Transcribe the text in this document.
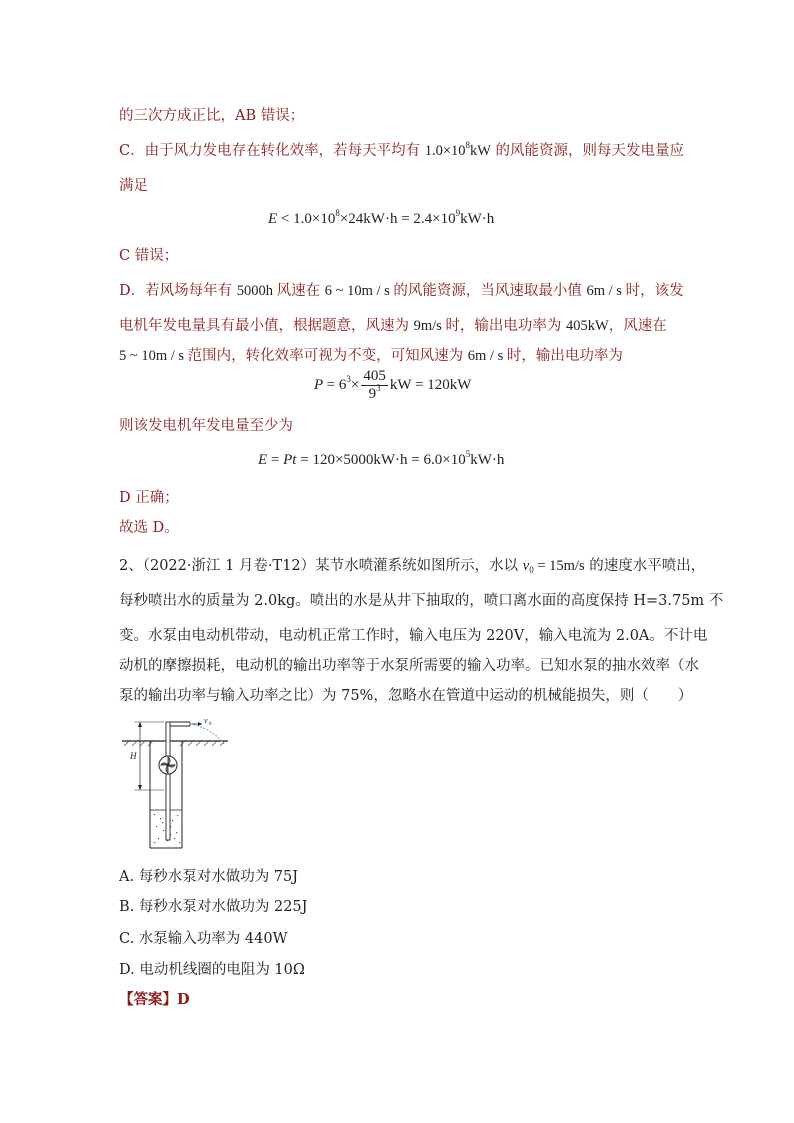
的三次方成正比，AB 错误；
C．由于风力发电存在转化效率，若每天平均有 $1.0\times 10^8kW$ 的风能资源，则每天发电量应
满足
$E < 1.0\times 10^8\times 24kW\cdot h = 2.4\times 10^9kW\cdot h$
C 错误；
D．若风场每年有 5000h 风速在 6 ~ 10m / s 的风能资源，当风速取最小值 6m / s 时，该发
电机年发电量具有最小值，根据题意，风速为 9m/s 时，输出电功率为 405kW，风速在
5 ~ 10m / s 范围内，转化效率可视为不变，可知风速为 6m / s 时，输出电功率为
$P = 6^3\times \frac{405}{9^3}$ kW = 120kW
则该发电机年发电量至少为
$E = Pt = 120\times 5000kW\cdot h = 6.0\times 10^5kW\cdot h$
D 正确；
故选 D。
2、（2022·浙江 1 月卷·T12）某节水喷灌系统如图所示，水以 $v_0 = 15m/s$ 的速度水平喷出，
每秒喷出水的质量为 2.0kg。喷出的水是从井下抽取的，喷口离水面的高度保持 H=3.75m 不
变。水泵由电动机带动，电动机正常工作时，输入电压为 220V，输入电流为 2.0A。不计电
动机的摩擦损耗，电动机的输出功率等于水泵所需要的输入功率。已知水泵的抽水效率（水
泵的输出功率与输入功率之比）为 75%，忽略水在管道中运动的机械能损失，则（　　）
v 0
H
A. 每秒水泵对水做功为 75J
B. 每秒水泵对水做功为 225J
C. 水泵输入功率为 440W
D. 电动机线圈的电阻为 10Ω
【答案】D
